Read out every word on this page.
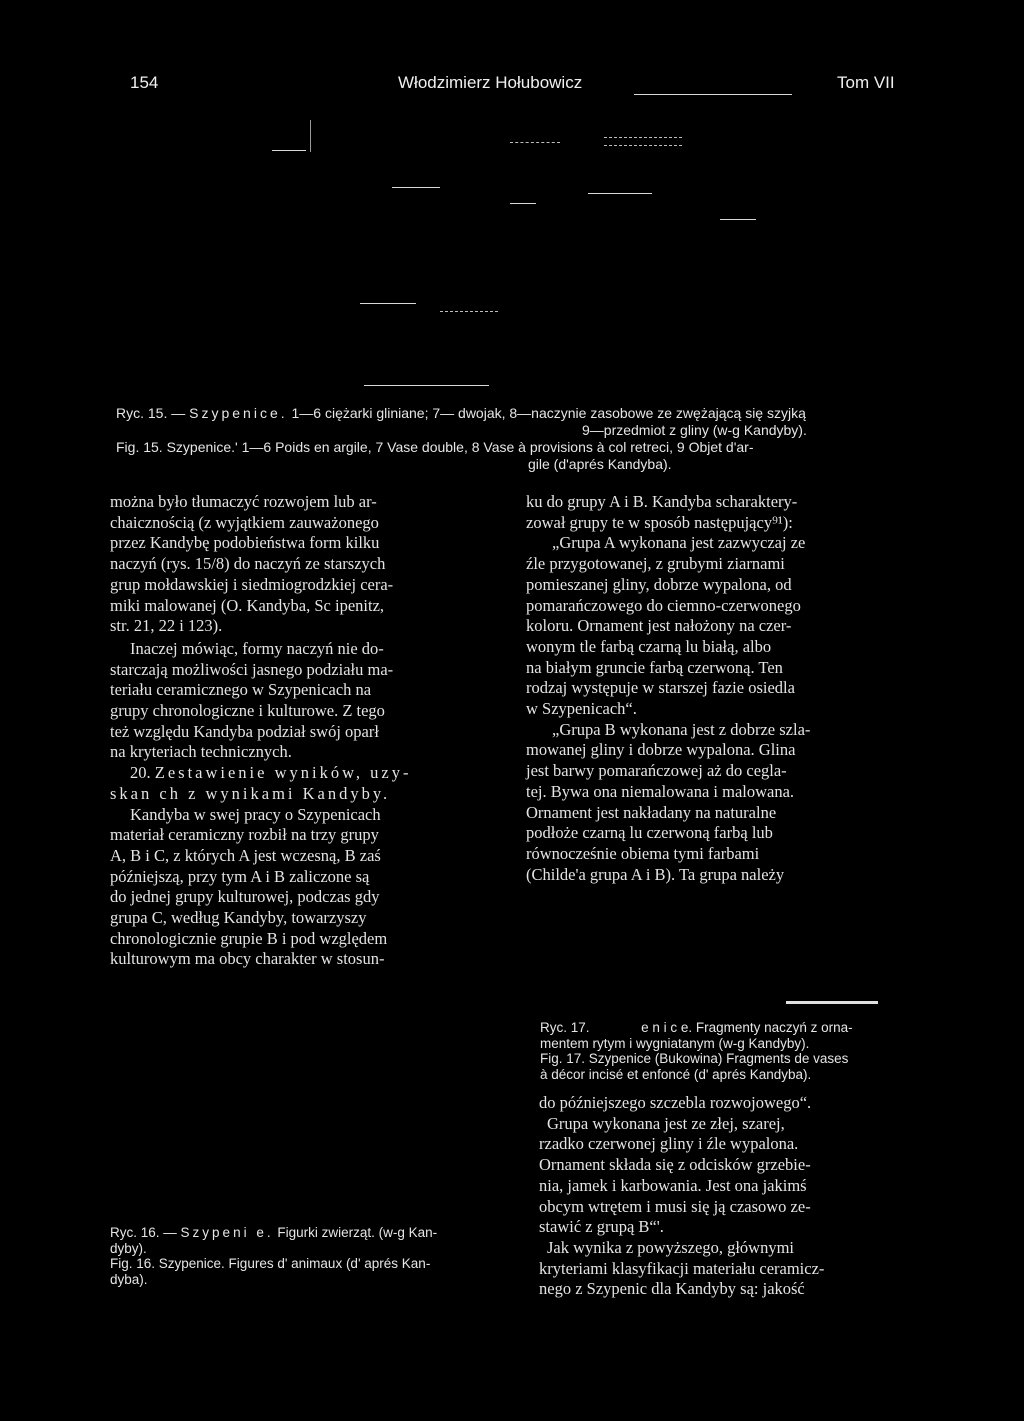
154	Włodzimierz Hołubowicz	Tom VII
Ryc. 15. — Szypenice. 1—6 ciężarki gliniane; 7— dwojak, 8—naczynie zasobowe ze zwężającą się szyjką
9—przedmiot z gliny (w-g Kandyby).
Fig. 15. Szypenice.' 1—6 Poids en argile, 7 Vase double, 8 Vase à provisions à col retreci, 9 Objet d'ar-
gile (d'aprés Kandyba).

można było tłumaczyć rozwojem lub ar-
chaicznością (z wyjątkiem zauważonego
przez Kandybę podobieństwa form kilku
naczyń (rys. 15/8) do naczyń ze starszych
grup mołdawskiej i siedmiogrodzkiej cera-
miki malowanej (O. Kandyba, Sc ipenitz,
str. 21, 22 i 123).

Inaczej mówiąc, formy naczyń nie do-
starczają możliwości jasnego podziału ma-
teriału ceramicznego w Szypenicach na
grupy chronologiczne i kulturowe. Z tego
też względu Kandyba podział swój oparł
na kryteriach technicznych.

20. Zestawienie wyników, uzy-
skan ch z wynikami Kandyby.

Kandyba w swej pracy o Szypenicach
materiał ceramiczny rozbił na trzy grupy
A, B i C, z których A jest wczesną, B zaś
późniejszą, przy tym A i B zaliczone są
do jednej grupy kulturowej, podczas gdy
grupa C, według Kandyby, towarzyszy
chronologicznie grupie B i pod względem
kulturowym ma obcy charakter w stosun-

ku do grupy A i B. Kandyba scharaktery-
zował grupy te w sposób następujący⁹¹):

„Grupa A wykonana jest zazwyczaj ze
źle przygotowanej, z grubymi ziarnami
pomieszanej gliny, dobrze wypalona, od
pomarańczowego do ciemno-czerwonego
koloru. Ornament jest nałożony na czer-
wonym tle farbą czarną lu białą, albo
na białym gruncie farbą czerwoną. Ten
rodzaj występuje w starszej fazie osiedla
w Szypenicach“.

„Grupa B wykonana jest z dobrze szla-
mowanej gliny i dobrze wypalona. Glina
jest barwy pomarańczowej aż do cegla-
tej. Bywa ona niemalowana i malowana.
Ornament jest nakładany na naturalne
podłoże czarną lu czerwoną farbą lub
równocześnie obiema tymi farbami
(Childe'a grupa A i B). Ta grupa należy

Ryc. 17.	e n i c e. Fragmenty naczyń z orna-
mentem rytym i wygniatanym (w-g Kandyby).
Fig. 17. Szypenice (Bukowina) Fragments de vases
à décor incisé et enfoncé (d' aprés Kandyba).
do późniejszego szczebla rozwojowego“.
Grupa wykonana jest ze złej, szarej,
rzadko czerwonej gliny i źle wypalona.
Ornament składa się z odcisków grzebie-
nia, jamek i karbowania. Jest ona jakimś
obcym wtrętem i musi się ją czasowo ze-
stawić z grupą B“'.
Jak wynika z powyższego, głównymi
kryteriami klasyfikacji materiału ceramicz-
nego z Szypenic dla Kandyby są: jakość
Ryc. 16. — Szypeni e. Figurki zwierząt. (w-g Kan-
dyby).
Fig. 16. Szypenice. Figures d' animaux (d' aprés Kan-
dyba).
